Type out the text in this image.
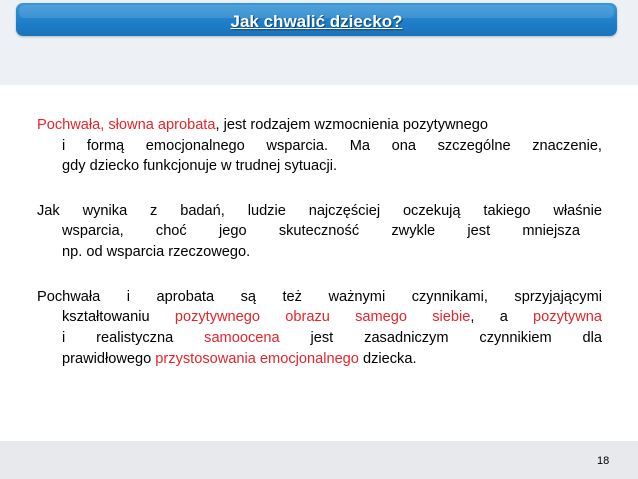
Jak chwalić dziecko?
Pochwała, słowna aprobata, jest rodzajem wzmocnienia pozytywnego
i formą emocjonalnego wsparcia. Ma ona szczególne znaczenie,
gdy dziecko funkcjonuje w trudnej sytuacji.
Jak wynika z badań, ludzie najczęściej oczekują takiego właśnie
wsparcia, choć jego skuteczność zwykle jest mniejsza
np. od wsparcia rzeczowego.
Pochwała i aprobata są też ważnymi czynnikami, sprzyjającymi
kształtowaniu pozytywnego obrazu samego siebie, a pozytywna
i realistyczna samoocena jest zasadniczym czynnikiem dla
prawidłowego przystosowania emocjonalnego dziecka.
18
